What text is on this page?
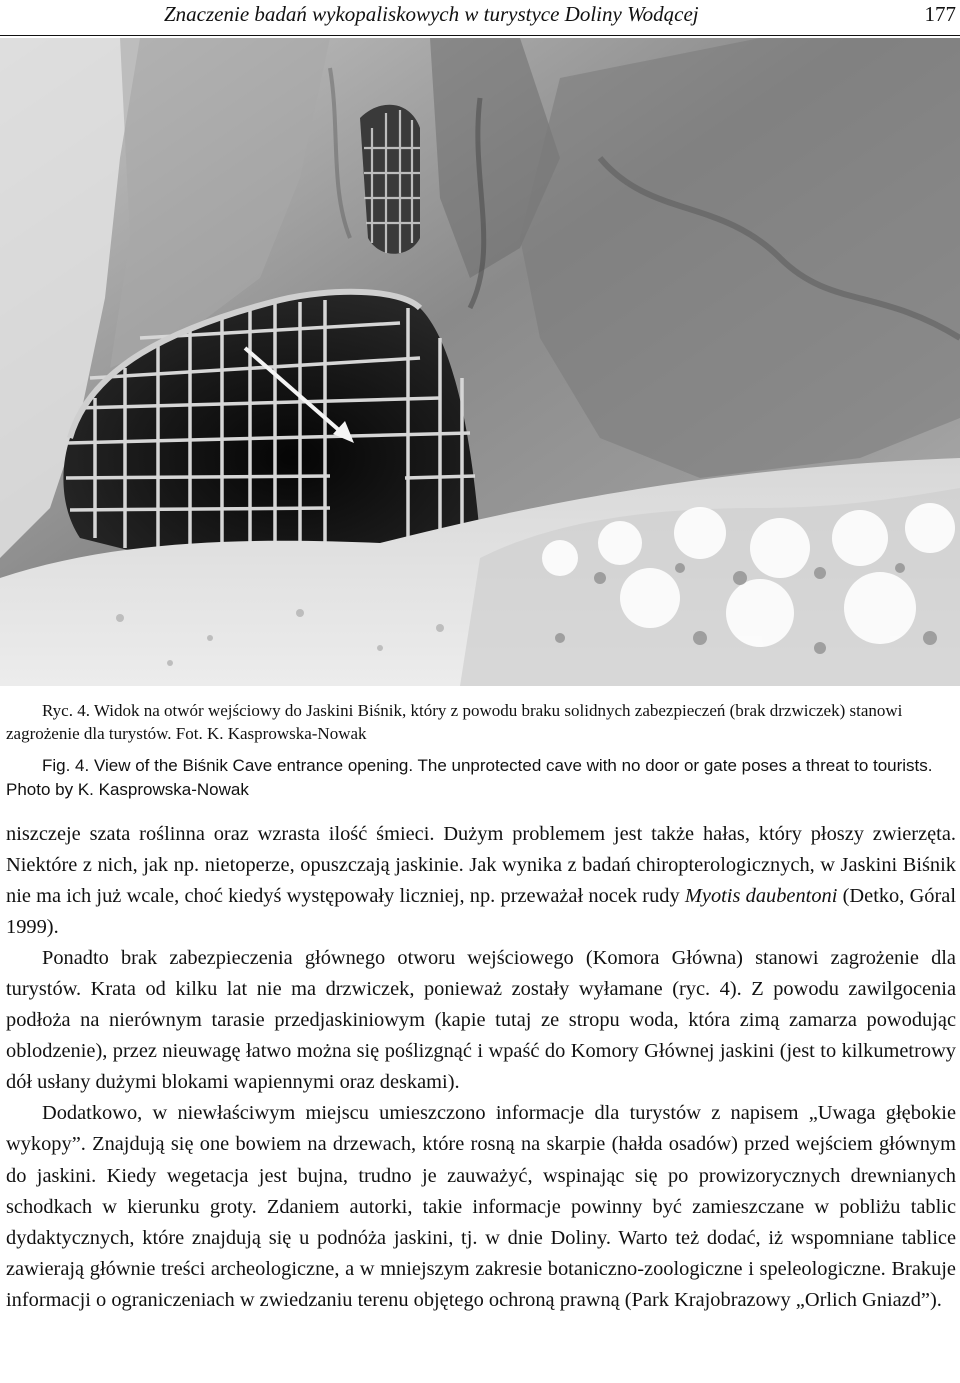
Znaczenie badań wykopaliskowych w turystyce Doliny Wodącej	177
Ryc. 4. Widok na otwór wejściowy do Jaskini Biśnik, który z powodu braku solidnych zabezpieczeń (brak drzwiczek) stanowi zagrożenie dla turystów. Fot. K. Kasprowska-Nowak
Fig. 4. View of the Biśnik Cave entrance opening. The unprotected cave with no door or gate poses a threat to tourists. Photo by K. Kasprowska-Nowak

niszczeje szata roślinna oraz wzrasta ilość śmieci. Dużym problemem jest także hałas, który płoszy zwierzęta. Niektóre z nich, jak np. nietoperze, opuszczają jaskinie. Jak wynika z badań chiropterologicznych, w Jaskini Biśnik nie ma ich już wcale, choć kiedyś występowały liczniej, np. przeważał nocek rudy Myotis daubentoni (Detko, Góral 1999).

Ponadto brak zabezpieczenia głównego otworu wejściowego (Komora Główna) stanowi zagrożenie dla turystów. Krata od kilku lat nie ma drzwiczek, ponieważ zostały wyłamane (ryc. 4). Z powodu zawilgocenia podłoża na nierównym tarasie przedjaskiniowym (kapie tutaj ze stropu woda, która zimą zamarza powodując oblodzenie), przez nieuwagę łatwo można się poślizgnąć i wpaść do Komory Głównej jaskini (jest to kilkumetrowy dół usłany dużymi blokami wapiennymi oraz deskami).

Dodatkowo, w niewłaściwym miejscu umieszczono informacje dla turystów z napisem „Uwaga głębokie wykopy”. Znajdują się one bowiem na drzewach, które rosną na skarpie (hałda osadów) przed wejściem głównym do jaskini. Kiedy wegetacja jest bujna, trudno je zauważyć, wspinając się po prowizorycznych drewnianych schodkach w kierunku groty. Zdaniem autorki, takie informacje powinny być zamieszczane w pobliżu tablic dydaktycznych, które znajdują się u podnóża jaskini, tj. w dnie Doliny. Warto też dodać, iż wspomniane tablice zawierają głównie treści archeologiczne, a w mniejszym zakresie botaniczno-zoologiczne i speleologiczne. Brakuje informacji o ograniczeniach w zwiedzaniu terenu objętego ochroną prawną (Park Krajobrazowy „Orlich Gniazd”).
